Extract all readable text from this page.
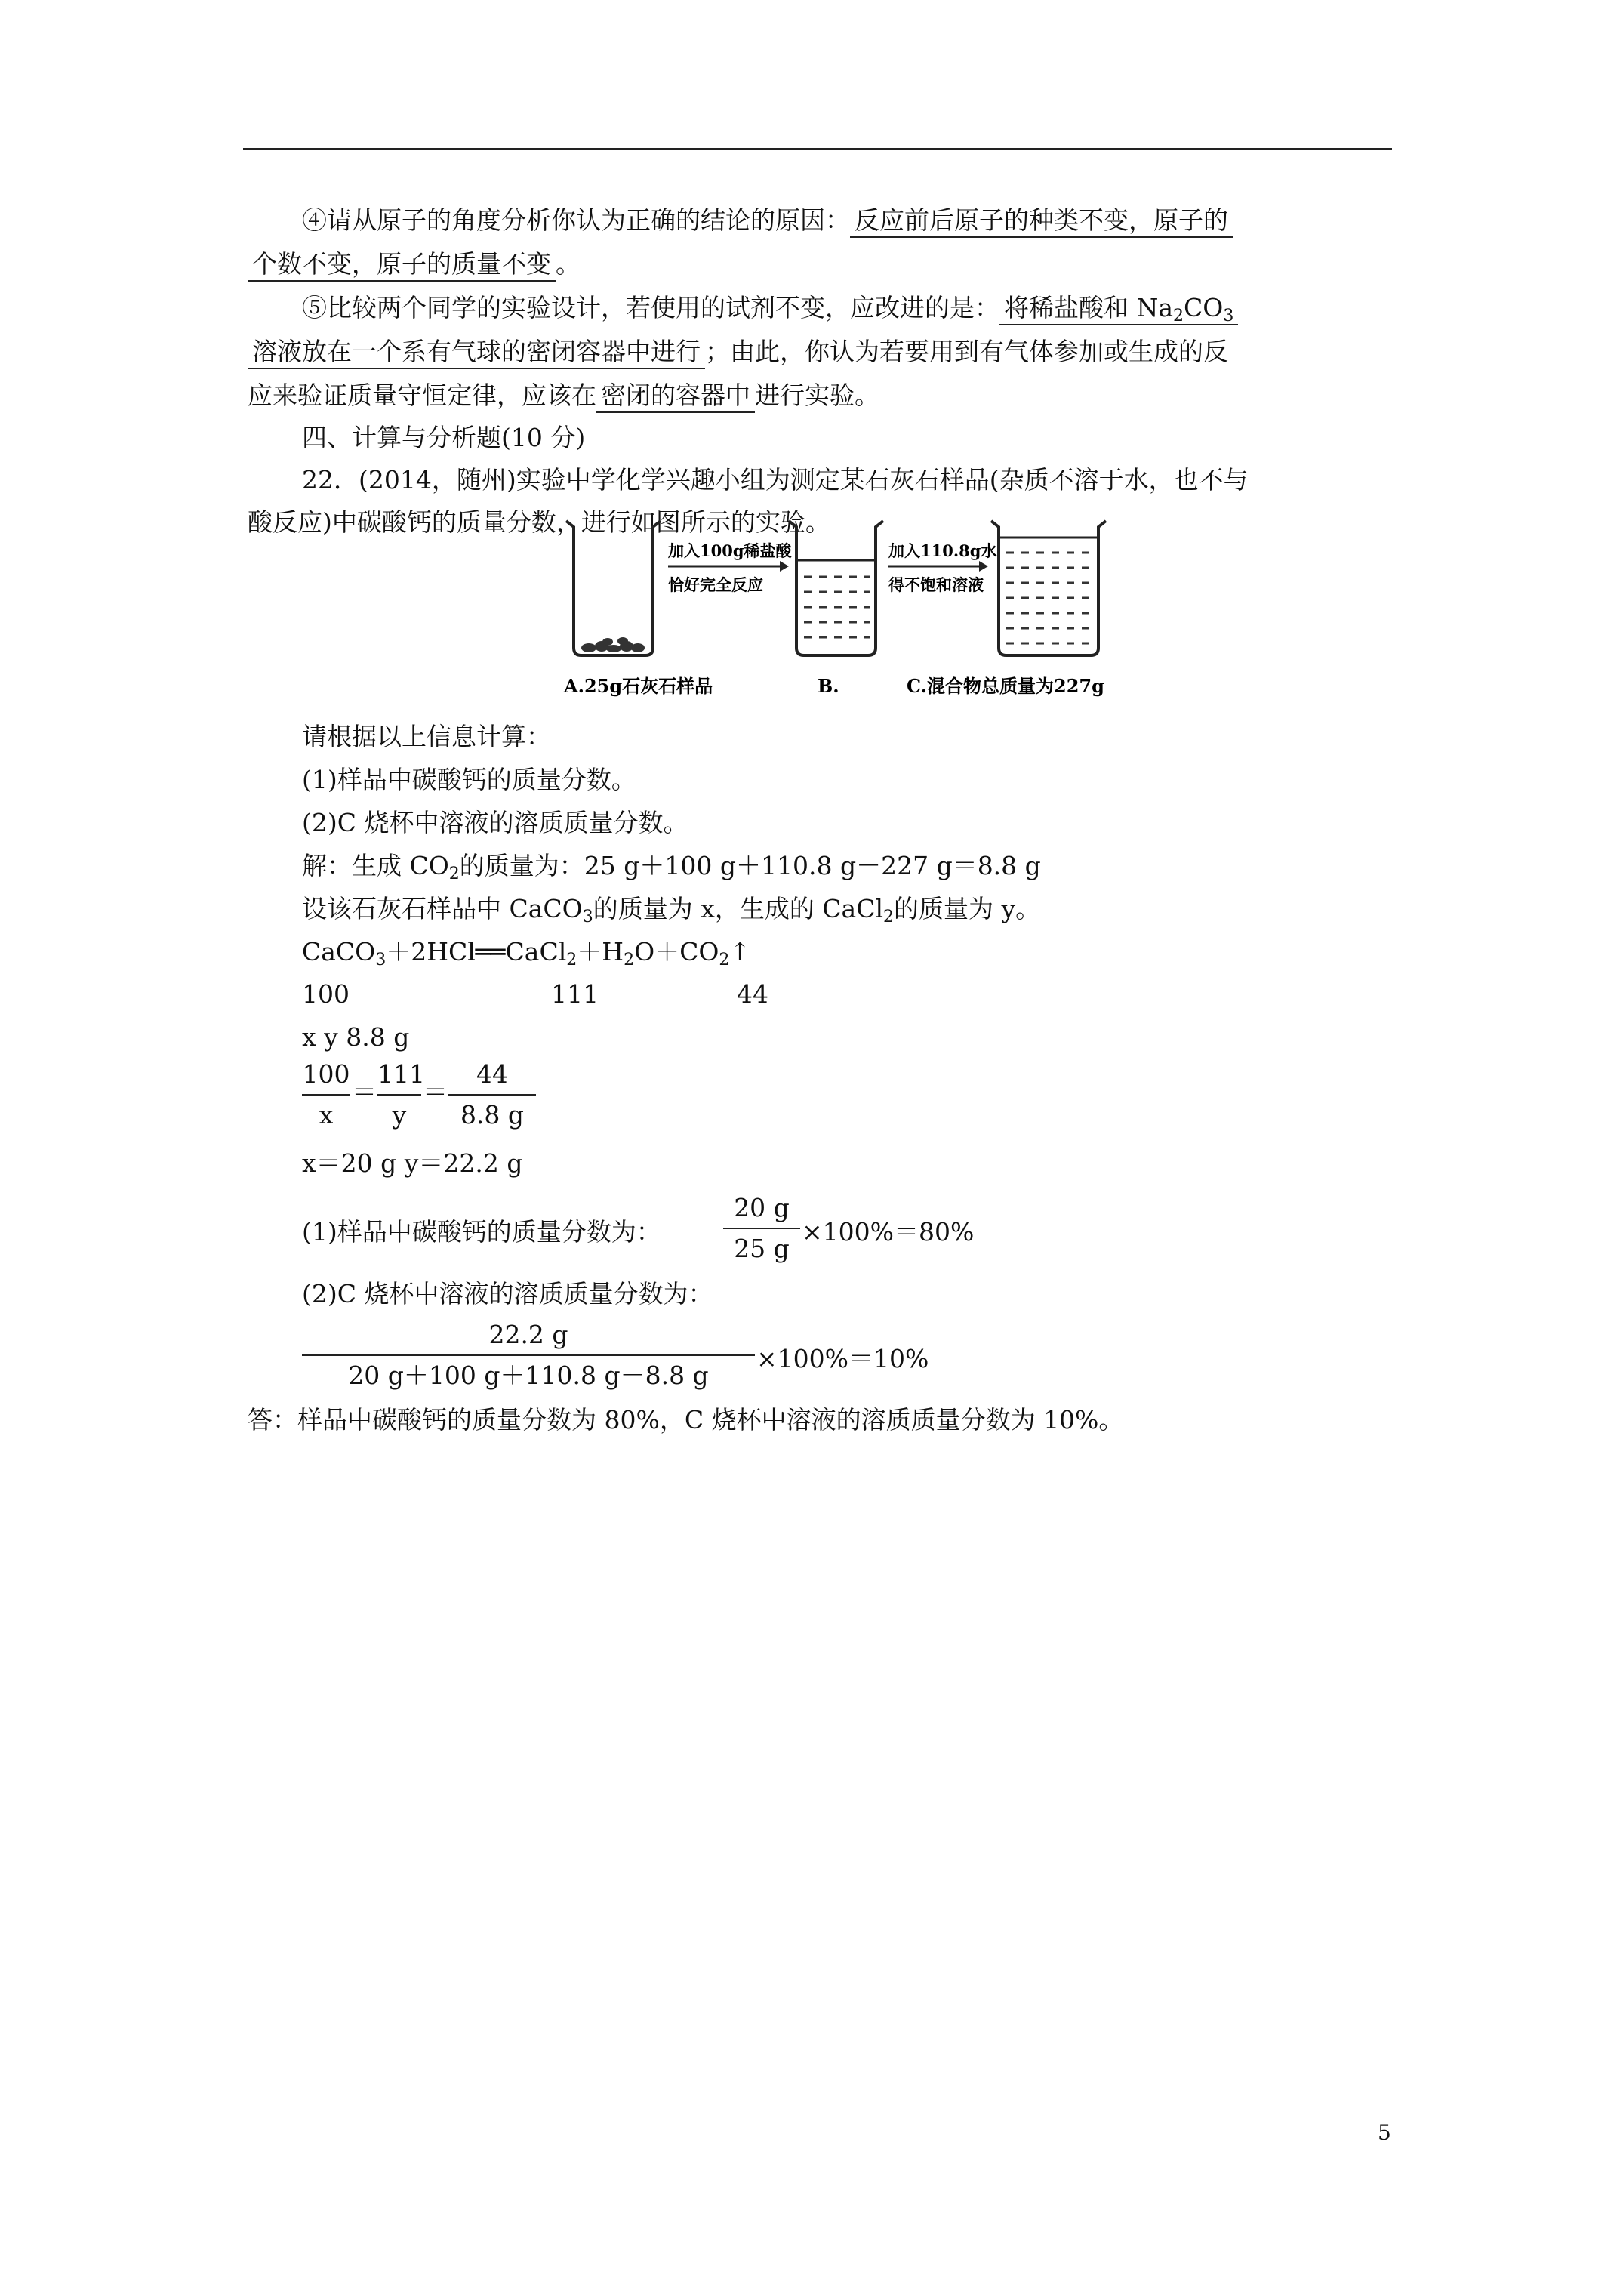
④请从原子的角度分析你认为正确的结论的原因： 反应前后原子的种类不变，原子的
个数不变，原子的质量不变 。
⑤比较两个同学的实验设计，若使用的试剂不变，应改进的是： 将稀盐酸和 $Na_2CO_3$
溶液放在一个系有气球的密闭容器中进行 ；由此，你认为若要用到有气体参加或生成的反
应来验证质量守恒定律，应该在 密闭的容器中 进行实验。
四、计算与分析题(10 分)
22．(2014，随州)实验中学化学兴趣小组为测定某石灰石样品(杂质不溶于水，也不与
酸反应)中碳酸钙的质量分数，进行如图所示的实验。
加入100g稀盐酸
恰好完全反应
加入110.8g水
得不饱和溶液
A.25g石灰石样品	B.	C.混合物总质量为227g
请根据以上信息计算：
(1)样品中碳酸钙的质量分数。
(2)C 烧杯中溶液的溶质质量分数。
解：生成 $CO_2$的质量为：25 g＋100 g＋110.8 g－227 g＝8.8 g
设该石灰石样品中 CaCO$_3$的质量为 x，生成的 CaCl$_2$的质量为 y。
$CaCO_3+2HCl══CaCl_2+H_2O+CO_2↑$
100	111	44
x y 8.8 g
100
x
＝
111
y
＝
44
8.8 g
x＝20 g y＝22.2 g
(1)样品中碳酸钙的质量分数为：
20 g
25 g
×100%＝80%
(2)C 烧杯中溶液的溶质质量分数为：
22.2 g
20 g＋100 g＋110.8 g－8.8 g
×100%＝10%
答：样品中碳酸钙的质量分数为 80%，C 烧杯中溶液的溶质质量分数为 10%。
5
